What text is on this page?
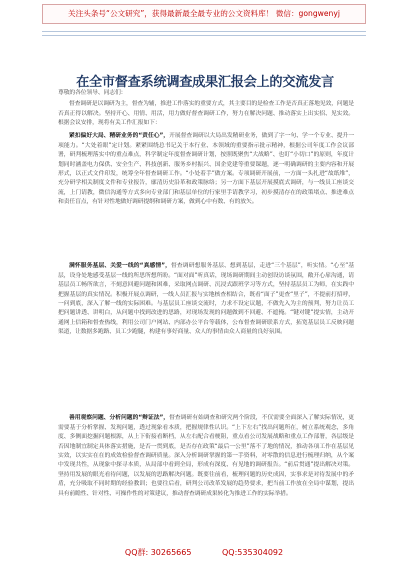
关注头条号“公文研究”，获得最新最全最专业的公文资料库！ 微信：gongwenyj
在全市督查系统调查成果汇报会上的交流发言

尊敬的各位领导、同志们：

督查调研是以调研为主，督查为辅，推进工作落实的重要方式，其主要目的是检查工作是否真正落地见效，问题是否真正得以解决。坚持开心、用情、用活，用力做好督查调研工作，努力在解决问题、推动落实上出实招、见实效。根据会议安排，现将有关工作汇报如下：

紧扣偏好大局、精研业务的“责任心”，开展督查调研以大局出发精研业务，做到了字一句、学一个专业、提升一项能力。“大处着眼”定计划。紧紧围绕总书记关于本行业、本领域的重要指示批示精神，根据公司年度工作会议部署，研判梳理落实中的重点难点，科学制定年度督查调研计划，按照既聚焦“大战略”、也盯“小切口”的原则，年度计划同时涵盖电力保供、安全生产、科技创新、服务乡村振兴、国企党建等重要课题，逐一明确调研的主要内容和开展形式，以正式文件印发，统筹全年督查调研工作。“小处着手”做方案。专项调研开展前，一方面一头扎进“故纸堆”，充分研学相关制度文件和专业报告，廓清历史沿革和政策脉络；另一方面下基层开展摸底式调研，与一线员工座谈交流，上门请教，微信沟通等方式多向专业部门和基层单位的行家里手请教学习，初步摸清存在的政策堵点、推进难点和责任盲点，有针对性地做好调研提纲和调研方案，做到心中有数、有的放矢。

满怀服务基层、关爱一线的“真感情”，督查调研想服务基层、想到基层，走进“三个基层”，听实情。“心至”基层，设身处地感受基层一线的所思所想所盼。“面对面”听真话，现场调研期间主动创设访谈氛围，敞开心扉沟通，请基层员工畅所欲言，不刻意回避问题和困难，采取网点调研、沉浸式跟班学习等方式，坚持基层员工为师，在实践中把握基层的真实情况。积极开展点调研，一线人员汇报与实地核查相结合，既看“面子”更查“里子”，不提前打招呼，一问到底，深入了解一线的实际困难。与基层员工座谈交流时，力求不设定议题，不做先入为主的预判，努力让员工把问题讲透、讲明白，从问题中找到改进的思路，对现场发现的问题做到不回避、不遮掩。“键对键”提实情，主动开通网上信箱和督查热线，利用公司门户网站、内部办公平台等载体，公布督查调研联系方式，拓宽基层员工反映问题渠道，让数据多跑路、员工少跑腿，构建有事好商量、众人的事情由众人商量的良好氛围。

善用观察问题、分析问题的“辩证法”，督查调研有始调查和研究两个阶段，不仅需要全面深入了解实际情况，更需要基于分析掌握、发现问题，透过现象看本质，把握规律性认识。“上下左右”找出问题所在，树立系统观念，多角度、多侧面挖掘问题根源，从上下衔接看断档，从左右配合看梗阻，重点看公司发展战略和重点工作部署，各层级是否因地制宜制定具体落实措施，是否一贯到底，是否存在政策“最后一公里”落不了地的情况，推动各项工作在基层见实效，以实实在在的成效检验督查调研质量。深入分析调研掌握的第一手资料，对零散的信息进行梳理归纳，从个案中发现共性，从现象中探寻本质，从局部中看到全局，形成有深度、有见地的调研报告。“前后贯通”提出解决对策。坚持用发展的眼光看待问题，以发展的思路解决问题。既要往前看，梳理问题的历史成因，实事求是对待发展中的矛盾，充分吸取不同时期的经验教训；也要往后看，研判公司改革发展的趋势要求，把当前工作放在全局中谋划，提出具有前瞻性、针对性、可操作性的对策建议，推动督查调研成果转化为推进工作的实际举措。

QQ群: 30265665	QQ:535304092
